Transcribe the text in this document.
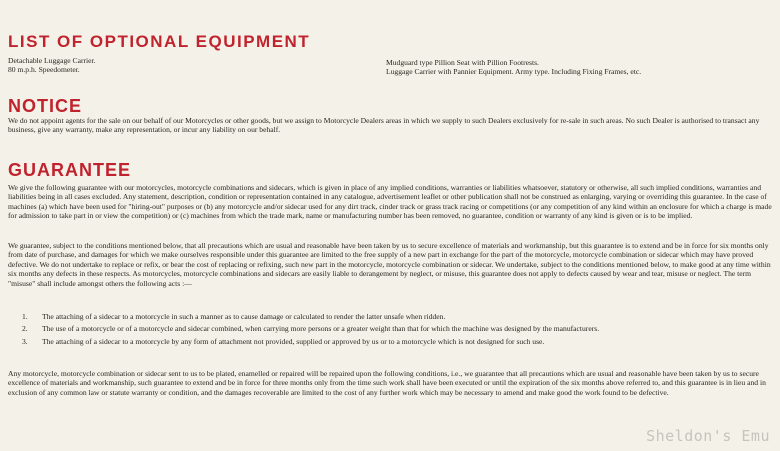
LIST OF OPTIONAL EQUIPMENT
Detachable Luggage Carrier.
80 m.p.h. Speedometer.
Mudguard type Pillion Seat with Pillion Footrests.
Luggage Carrier with Pannier Equipment. Army type. Including Fixing Frames, etc.
NOTICE

We do not appoint agents for the sale on our behalf of our Motorcycles or other goods, but we assign to Motorcycle Dealers areas in which we supply to such Dealers exclusively for re-sale in such areas. No such Dealer is authorised to transact any business, give any warranty, make any representation, or incur any liability on our behalf.

GUARANTEE

We give the following guarantee with our motorcycles, motorcycle combinations and sidecars, which is given in place of any implied conditions, warranties or liabilities whatsoever, statutory or otherwise, all such implied conditions, warranties and liabilities being in all cases excluded. Any statement, description, condition or representation contained in any catalogue, advertisement leaflet or other publication shall not be construed as enlarging, varying or overriding this guarantee. In the case of machines (a) which have been used for "hiring-out" purposes or (b) any motorcycle and/or sidecar used for any dirt track, cinder track or grass track racing or competitions (or any competition of any kind within an enclosure for which a charge is made for admission to take part in or view the competition) or (c) machines from which the trade mark, name or manufacturing number has been removed, no guarantee, condition or warranty of any kind is given or is to be implied.

We guarantee, subject to the conditions mentioned below, that all precautions which are usual and reasonable have been taken by us to secure excellence of materials and workmanship, but this guarantee is to extend and be in force for six months only from date of purchase, and damages for which we make ourselves responsible under this guarantee are limited to the free supply of a new part in exchange for the part of the motorcycle, motorcycle combination or sidecar which may have proved defective. We do not undertake to replace or refix, or bear the cost of replacing or refixing, such new part in the motorcycle, motorcycle combination or sidecar. We undertake, subject to the conditions mentioned below, to make good at any time within six months any defects in these respects. As motorcycles, motorcycle combinations and sidecars are easily liable to derangement by neglect, or misuse, this guarantee does not apply to defects caused by wear and tear, misuse or neglect. The term "misuse" shall include amongst others the following acts :—

1.	The attaching of a sidecar to a motorcycle in such a manner as to cause damage or calculated to render the latter unsafe when ridden.
2.	The use of a motorcycle or of a motorcycle and sidecar combined, when carrying more persons or a greater weight than that for which the machine was designed by the manufacturers.
3.	The attaching of a sidecar to a motorcycle by any form of attachment not provided, supplied or approved by us or to a motorcycle which is not designed for such use.

Any motorcycle, motorcycle combination or sidecar sent to us to be plated, enamelled or repaired will be repaired upon the following conditions, i.e., we guarantee that all precautions which are usual and reasonable have been taken by us to secure excellence of materials and workmanship, such guarantee to extend and be in force for three months only from the time such work shall have been executed or until the expiration of the six months above referred to, and this guarantee is in lieu and in exclusion of any common law or statute warranty or condition, and the damages recoverable are limited to the cost of any further work which may be necessary to amend and make good the work found to be defective.

Sheldon's Emu
